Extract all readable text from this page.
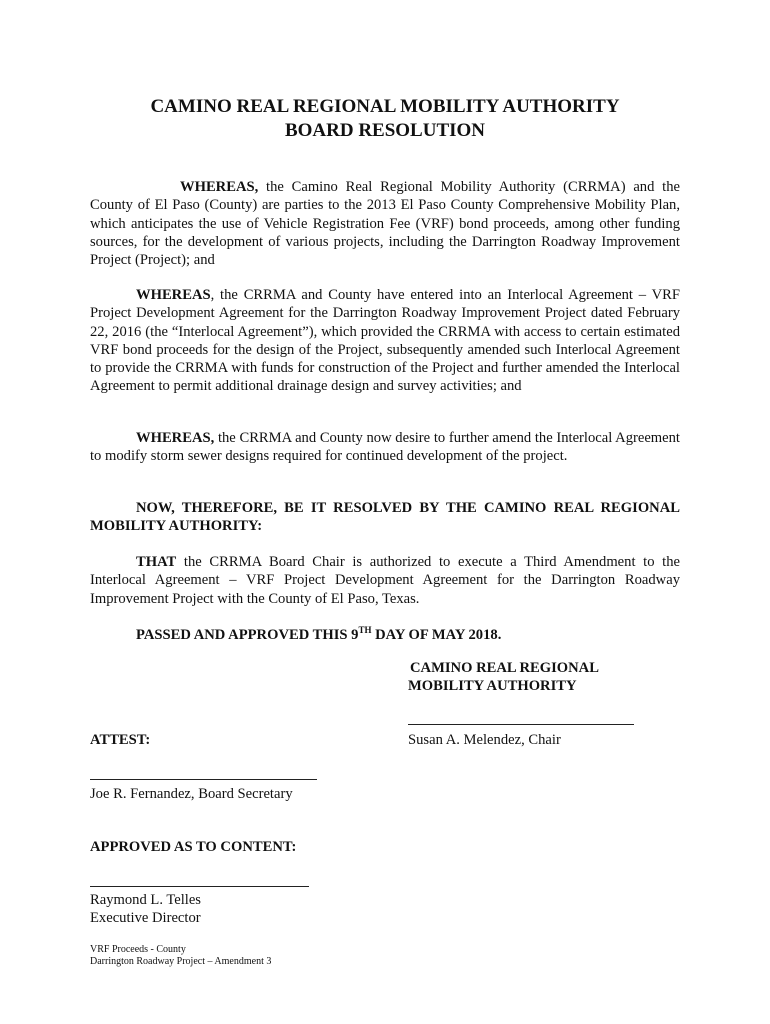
CAMINO REAL REGIONAL MOBILITY AUTHORITY
BOARD RESOLUTION

WHEREAS, the Camino Real Regional Mobility Authority (CRRMA) and the County of El Paso (County) are parties to the 2013 El Paso County Comprehensive Mobility Plan, which anticipates the use of Vehicle Registration Fee (VRF) bond proceeds, among other funding sources, for the development of various projects, including the Darrington Roadway Improvement Project (Project); and

WHEREAS, the CRRMA and County have entered into an Interlocal Agreement – VRF Project Development Agreement for the Darrington Roadway Improvement Project dated February 22, 2016 (the “Interlocal Agreement”), which provided the CRRMA with access to certain estimated VRF bond proceeds for the design of the Project, subsequently amended such Interlocal Agreement to provide the CRRMA with funds for construction of the Project and further amended the Interlocal Agreement to permit additional drainage design and survey activities; and

WHEREAS, the CRRMA and County now desire to further amend the Interlocal Agreement to modify storm sewer designs required for continued development of the project.

NOW, THEREFORE, BE IT RESOLVED BY THE CAMINO REAL REGIONAL MOBILITY AUTHORITY:

THAT the CRRMA Board Chair is authorized to execute a Third Amendment to the Interlocal Agreement – VRF Project Development Agreement for the Darrington Roadway Improvement Project with the County of El Paso, Texas.

PASSED AND APPROVED THIS 9TH DAY OF MAY 2018.
CAMINO REAL REGIONAL
MOBILITY AUTHORITY
Susan A. Melendez, Chair
ATTEST:
Joe R. Fernandez, Board Secretary
APPROVED AS TO CONTENT:
Raymond L. Telles
Executive Director
VRF Proceeds - County
Darrington Roadway Project – Amendment 3
